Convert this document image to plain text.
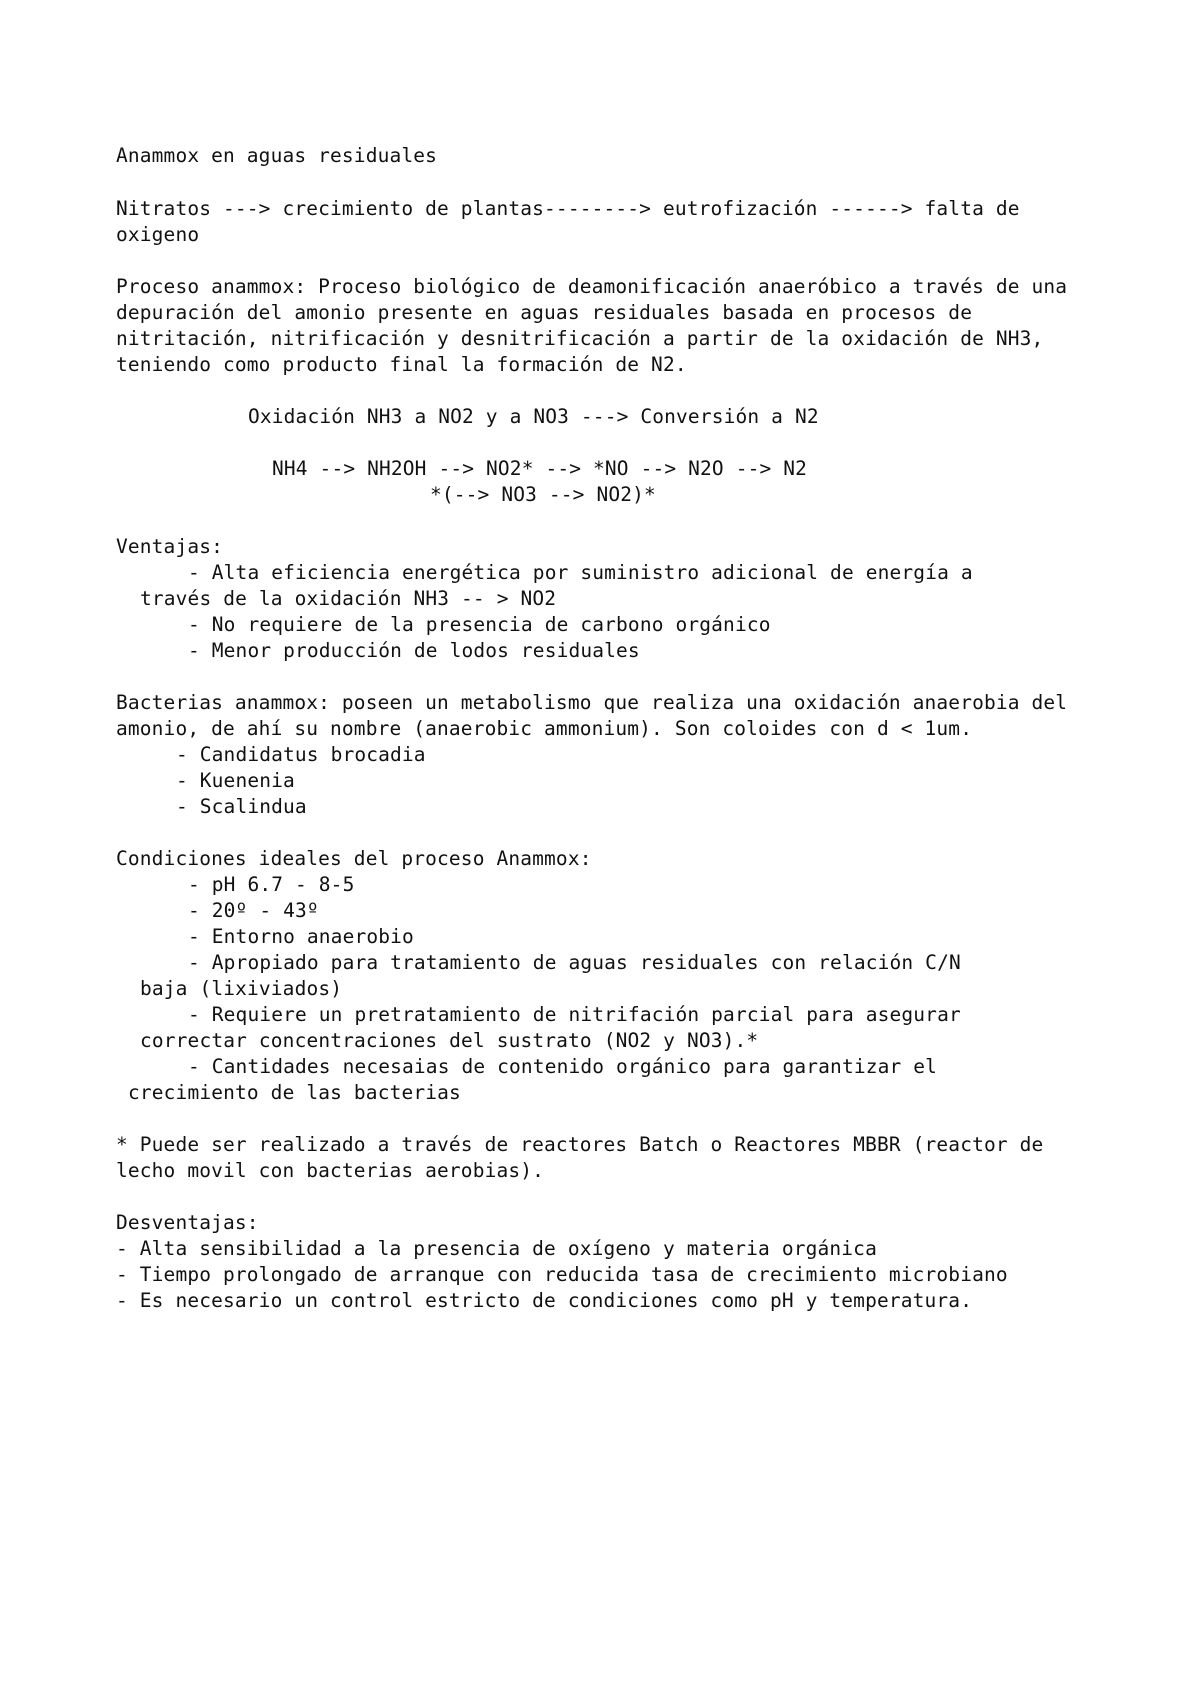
Anammox en aguas residuales

Nitratos ---> crecimiento de plantas--------> eutrofización ------> falta de

oxigeno

Proceso anammox: Proceso biológico de deamonificación anaeróbico a través de una

depuración del amonio presente en aguas residuales basada en procesos de

nitritación, nitrificación y desnitrificación a partir de la oxidación de NH3,

teniendo como producto final la formación de N2.

Oxidación NH3 a NO2 y a NO3 ---> Conversión a N2

NH4 --> NH2OH --> NO2* --> *NO --> N2O --> N2

*(--> NO3 --> NO2)*

Ventajas:

- Alta eficiencia energética por suministro adicional de energía a

través de la oxidación NH3 -- > NO2

- No requiere de la presencia de carbono orgánico

- Menor producción de lodos residuales

Bacterias anammox: poseen un metabolismo que realiza una oxidación anaerobia del

amonio, de ahí su nombre (anaerobic ammonium). Son coloides con d < 1um.

- Candidatus brocadia

- Kuenenia

- Scalindua

Condiciones ideales del proceso Anammox:

- pH 6.7 - 8-5

- 20º - 43º

- Entorno anaerobio

- Apropiado para tratamiento de aguas residuales con relación C/N

baja (lixiviados)

- Requiere un pretratamiento de nitrifación parcial para asegurar

correctar concentraciones del sustrato (NO2 y NO3).*

- Cantidades necesaias de contenido orgánico para garantizar el

crecimiento de las bacterias

* Puede ser realizado a través de reactores Batch o Reactores MBBR (reactor de

lecho movil con bacterias aerobias).

Desventajas:

- Alta sensibilidad a la presencia de oxígeno y materia orgánica

- Tiempo prolongado de arranque con reducida tasa de crecimiento microbiano

- Es necesario un control estricto de condiciones como pH y temperatura.
